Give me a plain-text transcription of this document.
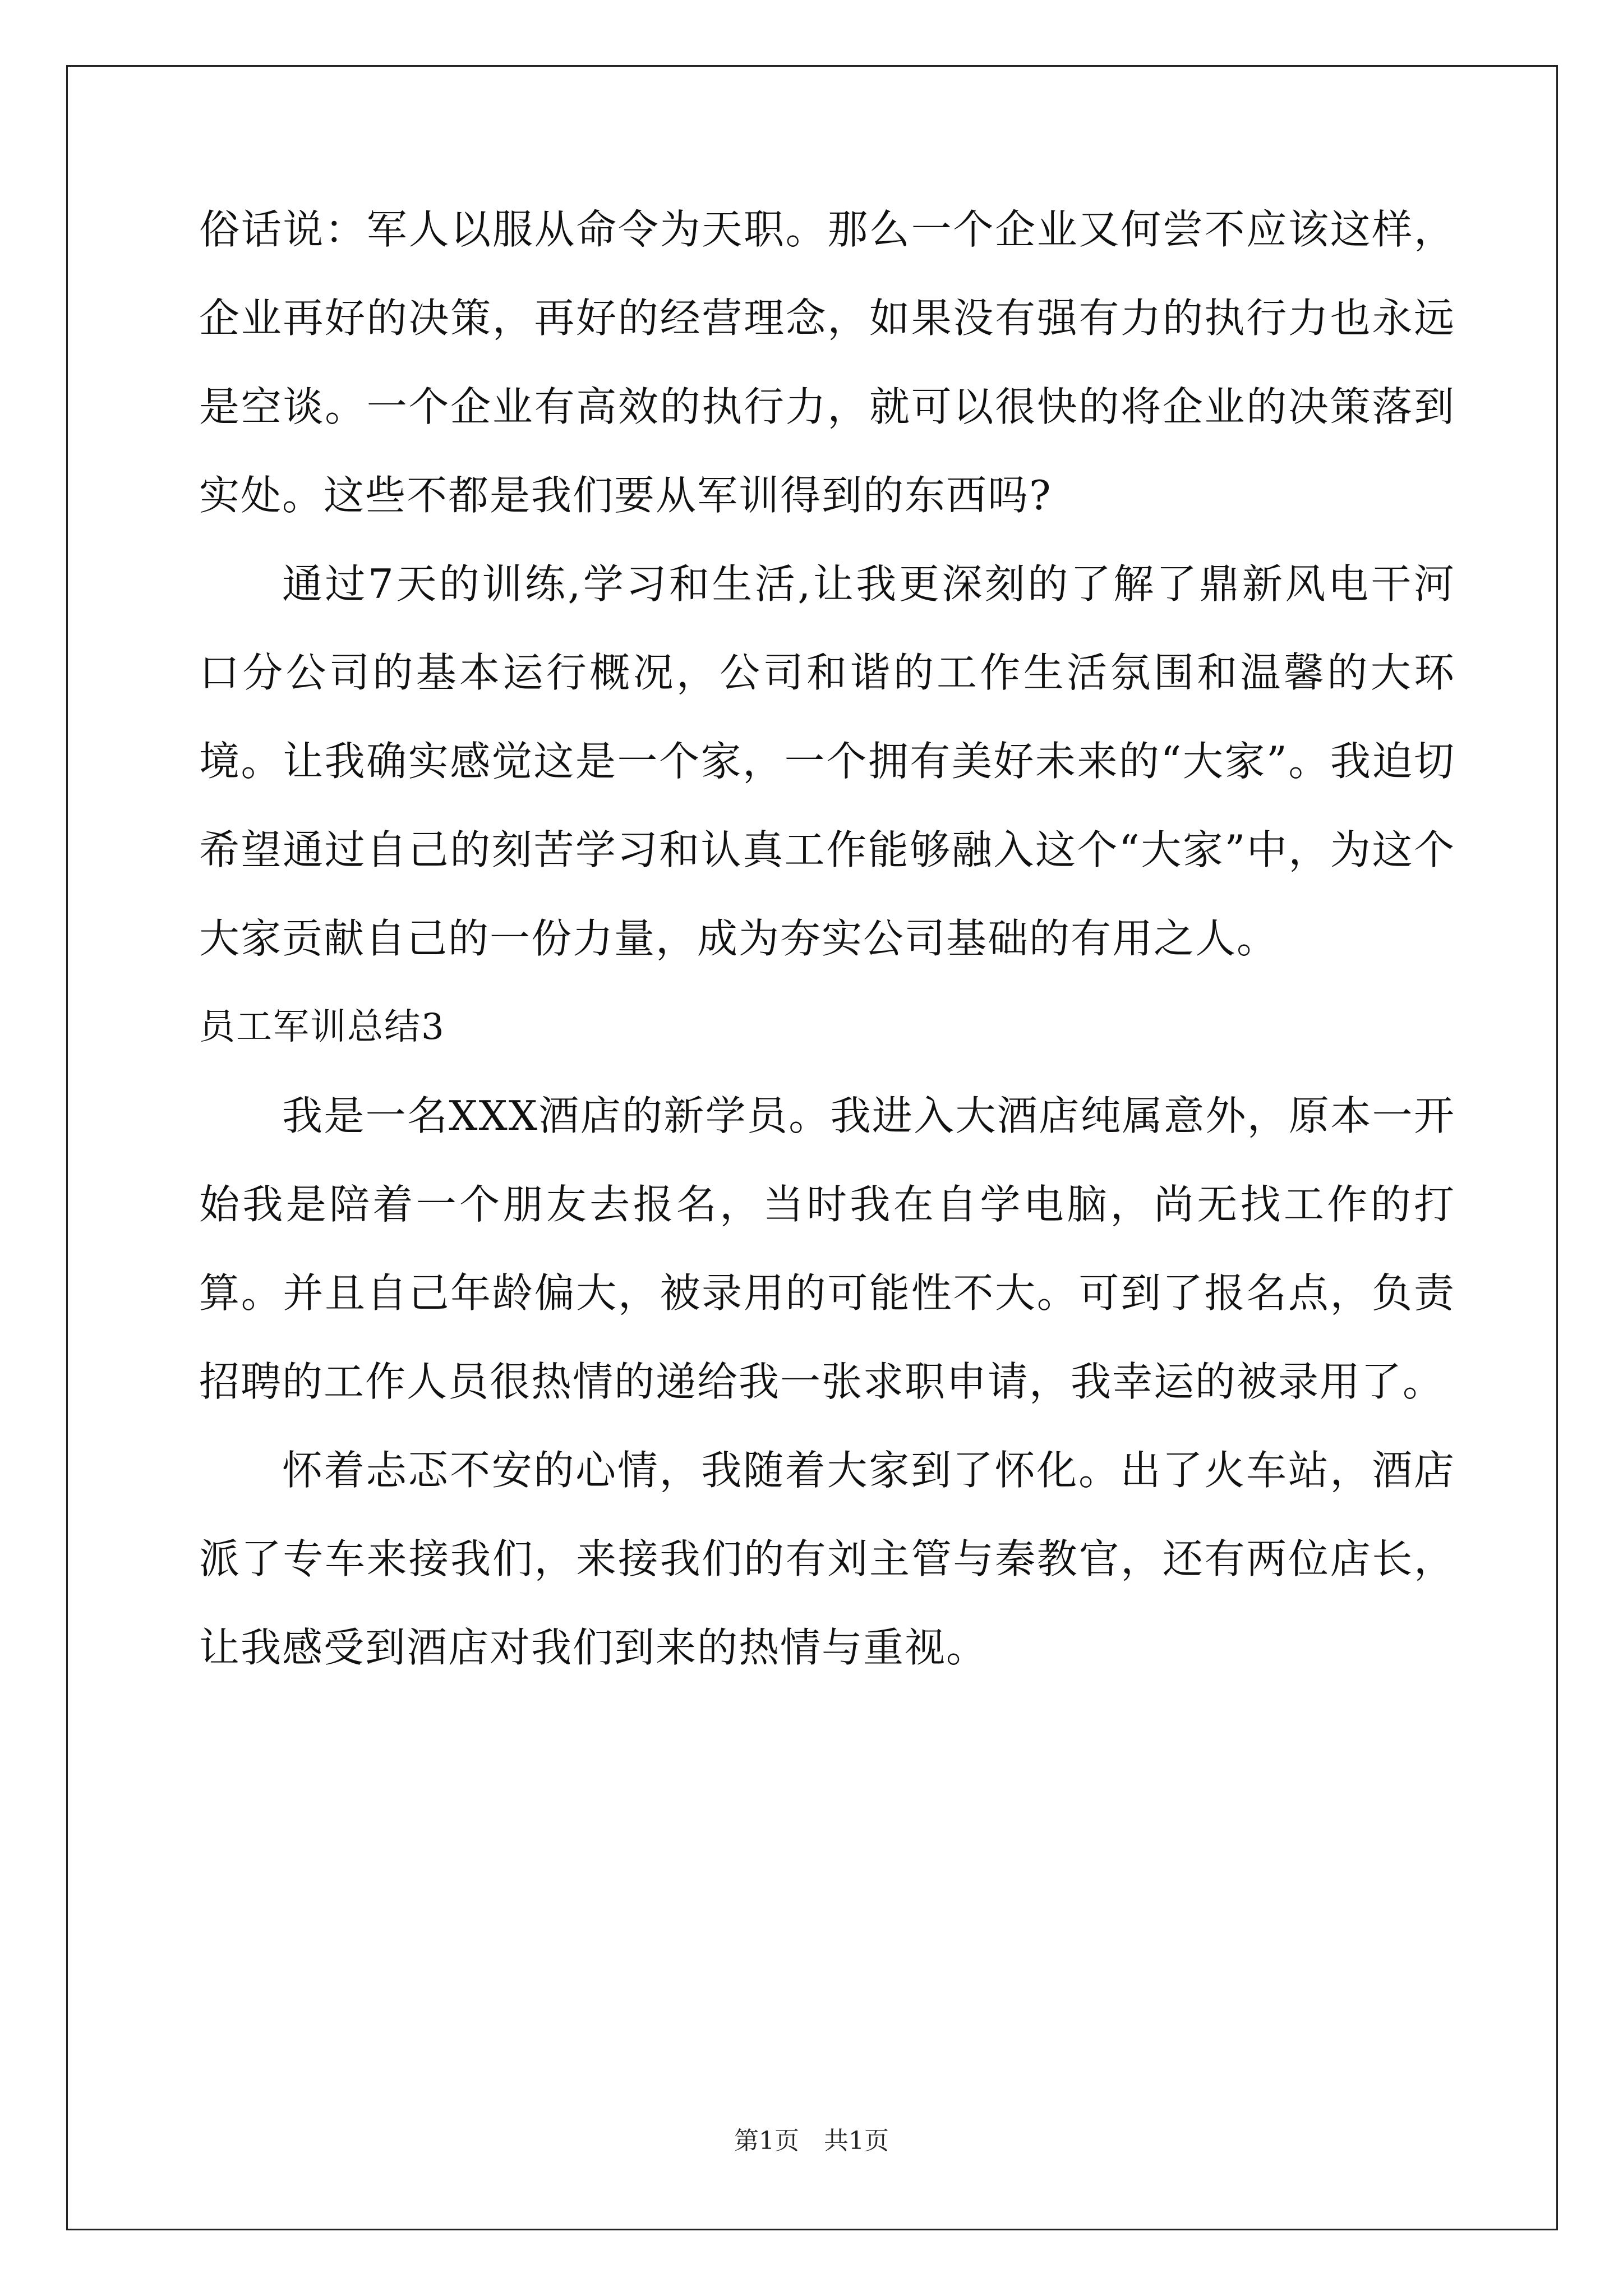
俗话说：军人以服从命令为天职。那么一个企业又何尝不应该这样，企业再好的决策，再好的经营理念，如果没有强有力的执行力也永远是空谈。一个企业有高效的执行力，就可以很快的将企业的决策落到实处。这些不都是我们要从军训得到的东西吗?

通过7天的训练,学习和生活,让我更深刻的了解了鼎新风电干河口分公司的基本运行概况，公司和谐的工作生活氛围和温馨的大环境。让我确实感觉这是一个家，一个拥有美好未来的“大家”。我迫切希望通过自己的刻苦学习和认真工作能够融入这个“大家”中，为这个大家贡献自己的一份力量，成为夯实公司基础的有用之人。

员工军训总结3

我是一名XXX酒店的新学员。我进入大酒店纯属意外，原本一开始我是陪着一个朋友去报名，当时我在自学电脑，尚无找工作的打算。并且自己年龄偏大，被录用的可能性不大。可到了报名点，负责招聘的工作人员很热情的递给我一张求职申请，我幸运的被录用了。

怀着忐忑不安的心情，我随着大家到了怀化。出了火车站，酒店派了专车来接我们，来接我们的有刘主管与秦教官，还有两位店长，让我感受到酒店对我们到来的热情与重视。

第1页　共1页
